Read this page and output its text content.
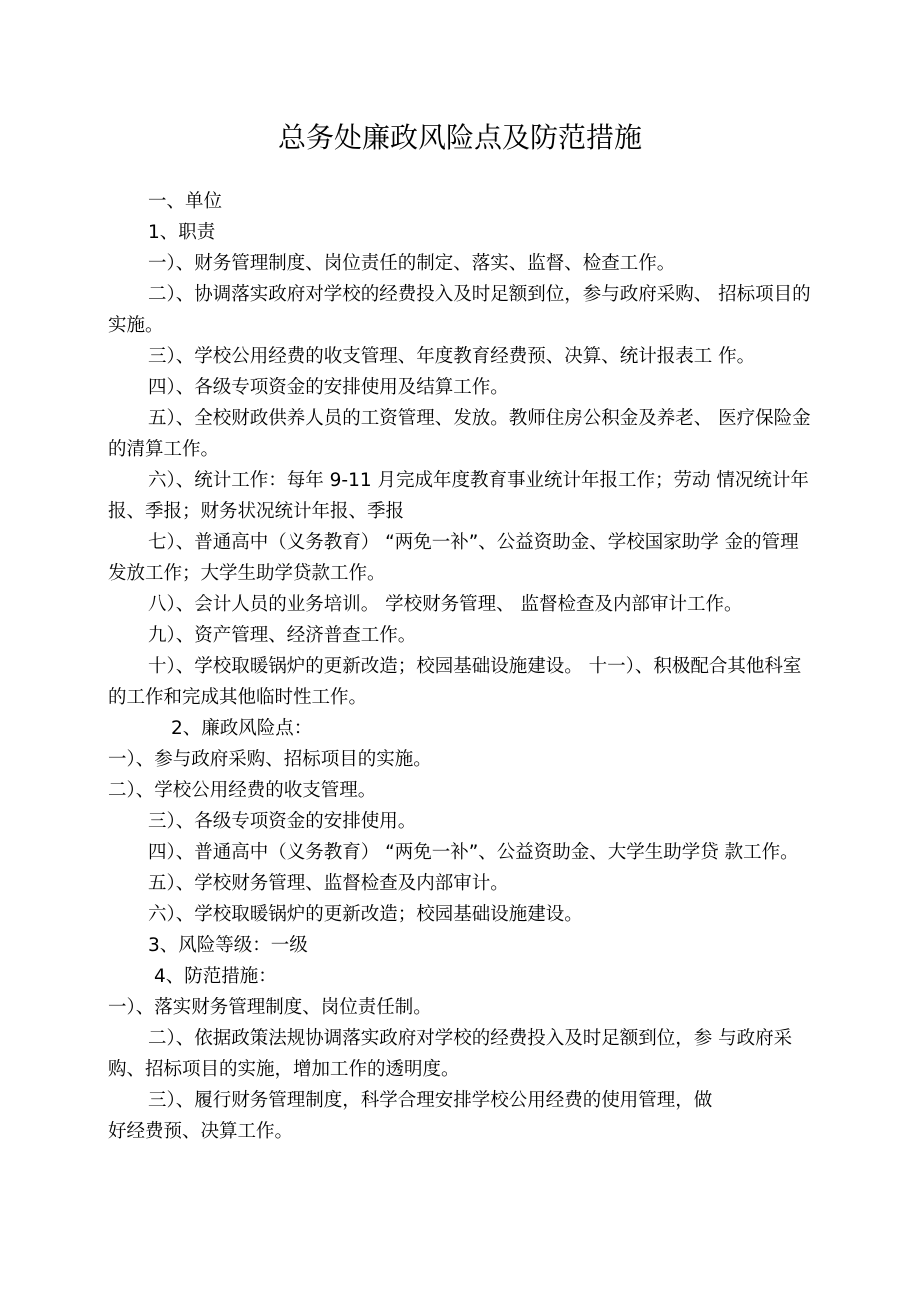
总务处廉政风险点及防范措施

一、单位

1、职责

一）、财务管理制度、岗位责任的制定、落实、监督、检查工作。

二）、协调落实政府对学校的经费投入及时足额到位，参与政府采购、 招标项目的实施。

三）、学校公用经费的收支管理、年度教育经费预、决算、统计报表工 作。

四）、各级专项资金的安排使用及结算工作。

五）、全校财政供养人员的工资管理、发放。教师住房公积金及养老、 医疗保险金的清算工作。

六）、统计工作：每年 9-11 月完成年度教育事业统计年报工作；劳动 情况统计年报、季报；财务状况统计年报、季报

七）、普通高中（义务教育） “两免一补”、公益资助金、学校国家助学 金的管理发放工作；大学生助学贷款工作。

八）、会计人员的业务培训。 学校财务管理、 监督检查及内部审计工作。

九）、资产管理、经济普查工作。

十）、学校取暖锅炉的更新改造；校园基础设施建设。 十一）、积极配合其他科室的工作和完成其他临时性工作。

2、廉政风险点：

一）、参与政府采购、招标项目的实施。

二）、学校公用经费的收支管理。

三）、各级专项资金的安排使用。

四）、普通高中（义务教育） “两免一补”、公益资助金、大学生助学贷 款工作。

五）、学校财务管理、监督检查及内部审计。

六）、学校取暖锅炉的更新改造；校园基础设施建设。

3、风险等级：一级

4、防范措施：

一）、落实财务管理制度、岗位责任制。

二）、依据政策法规协调落实政府对学校的经费投入及时足额到位，参 与政府采购、招标项目的实施，增加工作的透明度。

三）、履行财务管理制度，科学合理安排学校公用经费的使用管理，做

好经费预、决算工作。
